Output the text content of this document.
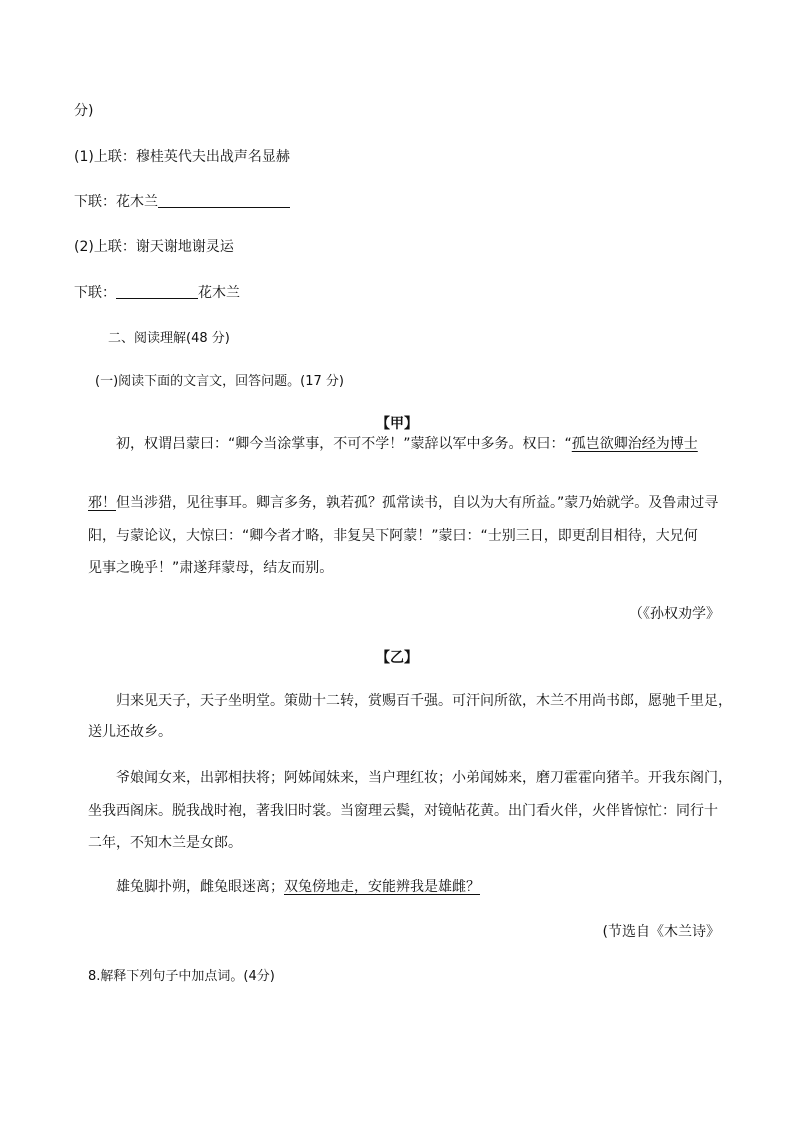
分)
(1)上联：穆桂英代夫出战声名显赫
下联：花木兰
(2)上联：谢天谢地谢灵运
下联：	花木兰
二、阅读理解(48 分)
(一)阅读下面的文言文，回答问题。(17 分)
【甲】
初，权谓吕蒙曰：“卿今当涂掌事，不可不学！”蒙辞以军中多务。权曰：“孤岂欲卿治经为博士
邪！但当涉猎，见往事耳。卿言多务，孰若孤？孤常读书，自以为大有所益。”蒙乃始就学。及鲁肃过寻
阳，与蒙论议，大惊曰：“卿今者才略，非复吴下阿蒙！”蒙曰：“士别三日，即更刮目相待，大兄何
见事之晚乎！”肃遂拜蒙母，结友而别。
（《孙权劝学》
【乙】
归来见天子，天子坐明堂。策勋十二转，赏赐百千强。可汗问所欲，木兰不用尚书郎，愿驰千里足，
送儿还故乡。
爷娘闻女来，出郭相扶将；阿姊闻妹来，当户理红妆；小弟闻姊来，磨刀霍霍向猪羊。开我东阁门，
坐我西阁床。脱我战时袍，著我旧时裳。当窗理云鬓，对镜帖花黄。出门看火伴，火伴皆惊忙：同行十
二年，不知木兰是女郎。
雄兔脚扑朔，雌兔眼迷离；双兔傍地走，安能辨我是雄雌？
(节选自《木兰诗》
8.解释下列句子中加点词。(4分)
